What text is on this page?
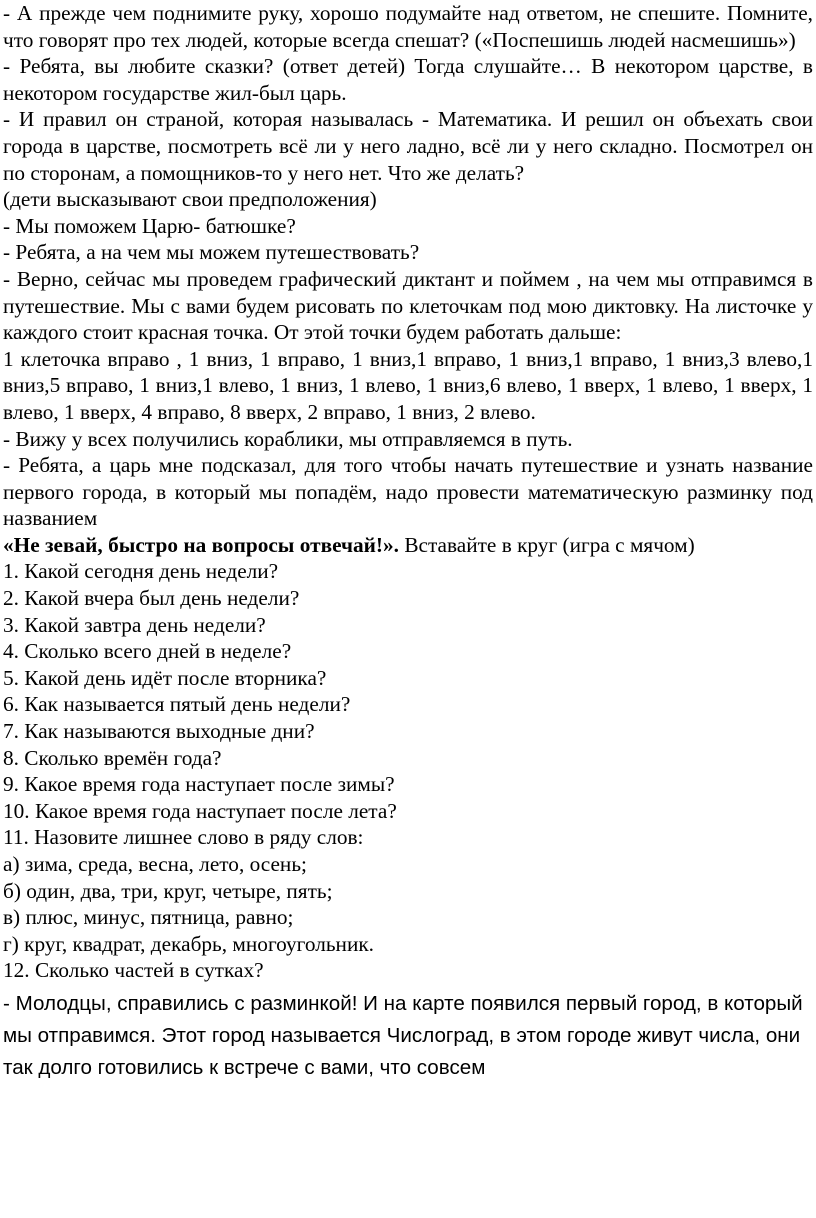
- А прежде чем поднимите руку, хорошо подумайте над ответом, не спешите. Помните, что говорят про тех людей, которые всегда спешат? («Поспешишь людей насмешишь»)

- Ребята, вы любите сказки? (ответ детей) Тогда слушайте… В некотором царстве, в некотором государстве жил-был царь.

- И правил он страной, которая называлась - Математика. И решил он объехать свои города в царстве, посмотреть всё ли у него ладно, всё ли у него складно. Посмотрел он по сторонам, а помощников-то у него нет. Что же делать?

(дети высказывают свои предположения)

- Мы поможем Царю- батюшке?

- Ребята, а на чем мы можем путешествовать?

- Верно, сейчас мы проведем графический диктант и поймем , на чем мы отправимся в путешествие. Мы с вами будем рисовать по клеточкам под мою диктовку. На листочке у каждого стоит красная точка. От этой точки будем работать дальше:

1 клеточка вправо , 1 вниз, 1 вправо, 1 вниз,1 вправо, 1 вниз,1 вправо, 1 вниз,3 влево,1 вниз,5 вправо, 1 вниз,1 влево, 1 вниз, 1 влево, 1 вниз,6 влево, 1 вверх, 1 влево, 1 вверх, 1 влево, 1 вверх, 4 вправо, 8 вверх, 2 вправо, 1 вниз, 2 влево.

- Вижу у всех получились кораблики, мы отправляемся в путь.

- Ребята, а царь мне подсказал, для того чтобы начать путешествие и узнать название первого города, в который мы попадём, надо провести математическую разминку под названием

«Не зевай, быстро на вопросы отвечай!». Вставайте в круг (игра с мячом)

1. Какой сегодня день недели?

2. Какой вчера был день недели?

3. Какой завтра день недели?

4. Сколько всего дней в неделе?

5. Какой день идёт после вторника?

6. Как называется пятый день недели?

7. Как называются выходные дни?

8. Сколько времён года?

9. Какое время года наступает после зимы?

10. Какое время года наступает после лета?

11. Назовите лишнее слово в ряду слов:

а) зима, среда, весна, лето, осень;

б) один, два, три, круг, четыре, пять;

в) плюс, минус, пятница, равно;

г) круг, квадрат, декабрь, многоугольник.

12. Сколько частей в сутках?

- Молодцы, справились с разминкой! И на карте появился первый город, в который мы отправимся. Этот город называется Числоград, в этом городе живут числа, они так долго готовились к встрече с вами, что совсем
